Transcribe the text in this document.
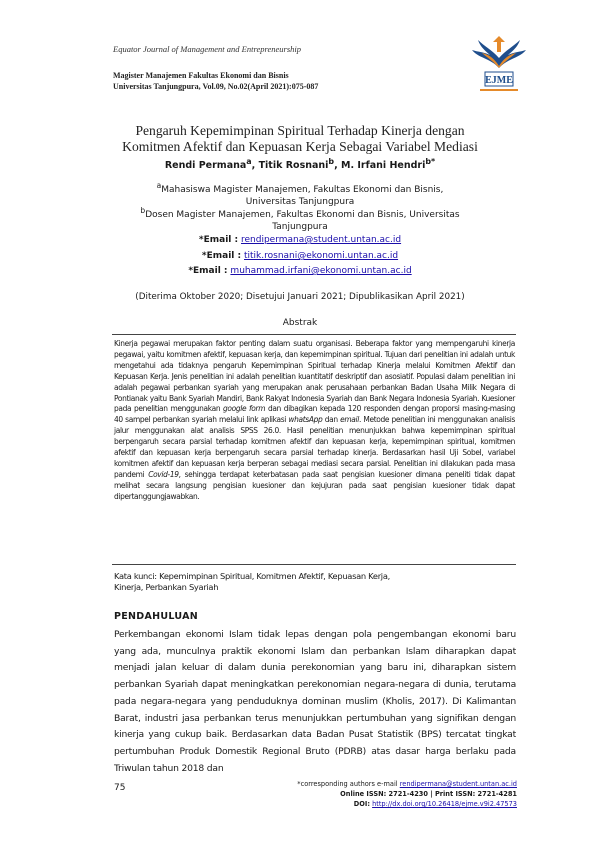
Equator Journal of Management and Entrepreneurship
Magister Manajemen Fakultas Ekonomi dan Bisnis
Universitas Tanjungpura, Vol.09, No.02(April 2021):075-087	EJME
Pengaruh Kepemimpinan Spiritual Terhadap Kinerja dengan
Komitmen Afektif dan Kepuasan Kerja Sebagai Variabel Mediasi
Rendi Permana$^a$, Titik Rosnani$^b$, M. Irfani Hendri$^{b*}$
$^a$Mahasiswa Magister Manajemen, Fakultas Ekonomi dan Bisnis,
Universitas Tanjungpura
$^b$Dosen Magister Manajemen, Fakultas Ekonomi dan Bisnis, Universitas
Tanjungpura
*Email : rendipermana@student.untan.ac.id
*Email : titik.rosnani@ekonomi.untan.ac.id
*Email : muhammad.irfani@ekonomi.untan.ac.id
(Diterima Oktober 2020; Disetujui Januari 2021; Dipublikasikan April 2021)
Abstrak
Kinerja pegawai merupakan faktor penting dalam suatu organisasi. Beberapa faktor yang mempengaruhi kinerja pegawai, yaitu komitmen afektif, kepuasan kerja, dan kepemimpinan spiritual. Tujuan dari penelitian ini adalah untuk mengetahui ada tidaknya pengaruh Kepemimpinan Spiritual terhadap Kinerja melalui Komitmen Afektif dan Kepuasan Kerja. Jenis penelitian ini adalah penelitian kuantitatif deskriptif dan asosiatif. Populasi dalam penelitian ini adalah pegawai perbankan syariah yang merupakan anak perusahaan perbankan Badan Usaha Milik Negara di Pontianak yaitu Bank Syariah Mandiri, Bank Rakyat Indonesia Syariah dan Bank Negara Indonesia Syariah. Kuesioner pada penelitian menggunakan google form dan dibagikan kepada 120 responden dengan proporsi masing-masing 40 sampel perbankan syariah melalui link aplikasi whatsApp dan email. Metode penelitian ini menggunakan analisis jalur menggunakan alat analisis SPSS 26.0. Hasil penelitian menunjukkan bahwa kepemimpinan spiritual berpengaruh secara parsial terhadap komitmen afektif dan kepuasan kerja, kepemimpinan spiritual, komitmen afektif dan kepuasan kerja berpengaruh secara parsial terhadap kinerja. Berdasarkan hasil Uji Sobel, variabel komitmen afektif dan kepuasan kerja berperan sebagai mediasi secara parsial. Penelitian ini dilakukan pada masa pandemi Covid-19, sehingga terdapat keterbatasan pada saat pengisian kuesioner dimana peneliti tidak dapat melihat secara langsung pengisian kuesioner dan kejujuran pada saat pengisian kuesioner tidak dapat dipertanggungjawabkan.
Kata kunci: Kepemimpinan Spiritual, Komitmen Afektif, Kepuasan Kerja,
Kinerja, Perbankan Syariah
PENDAHULUAN
Perkembangan ekonomi Islam tidak lepas dengan pola pengembangan ekonomi baru yang ada, munculnya praktik ekonomi Islam dan perbankan Islam diharapkan dapat menjadi jalan keluar di dalam dunia perekonomian yang baru ini, diharapkan sistem perbankan Syariah dapat meningkatkan perekonomian negara-negara di dunia, terutama pada negara-negara yang penduduknya dominan muslim (Kholis, 2017). Di Kalimantan Barat, industri jasa perbankan terus menunjukkan pertumbuhan yang signifikan dengan kinerja yang cukup baik. Berdasarkan data Badan Pusat Statistik (BPS) tercatat tingkat pertumbuhan Produk Domestik Regional Bruto (PDRB) atas dasar harga berlaku pada Triwulan tahun 2018 dan
75	*corresponding authors e-mail rendipermana@student.untan.ac.id
Online ISSN: 2721-4230 | Print ISSN: 2721-4281
DOI: http://dx.doi.org/10.26418/ejme.v9i2.47573
